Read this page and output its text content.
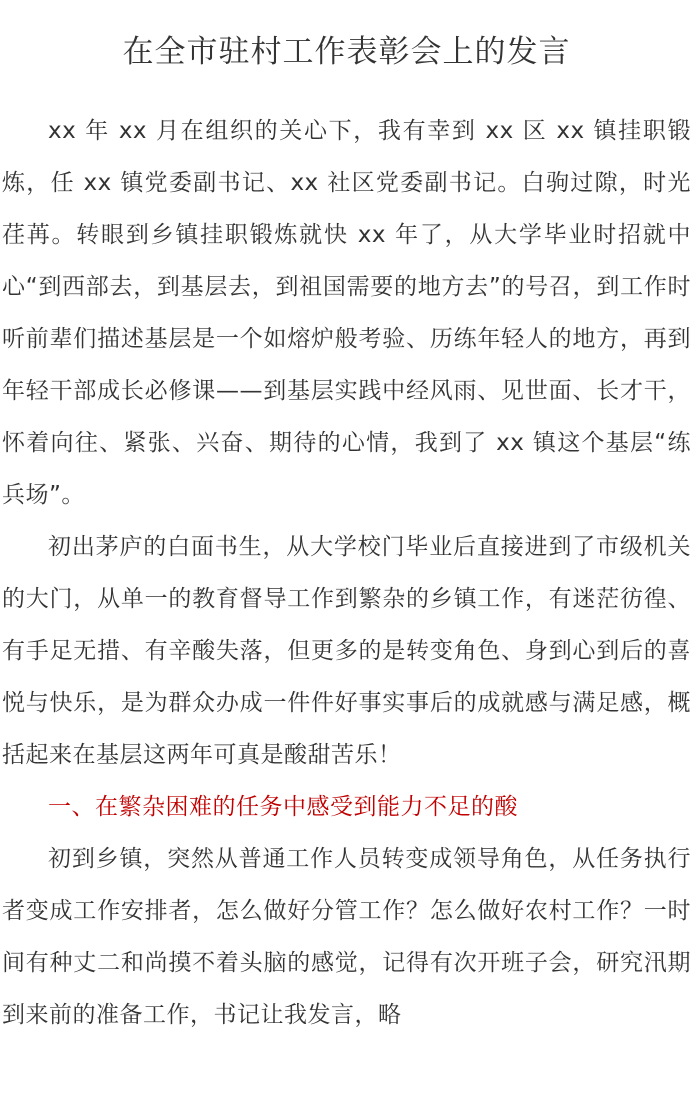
在全市驻村工作表彰会上的发言

xx 年 xx 月在组织的关心下，我有幸到 xx 区 xx 镇挂职锻炼，任 xx 镇党委副书记、xx 社区党委副书记。白驹过隙，时光荏苒。转眼到乡镇挂职锻炼就快 xx 年了，从大学毕业时招就中心“到西部去，到基层去，到祖国需要的地方去”的号召，到工作时听前辈们描述基层是一个如熔炉般考验、历练年轻人的地方，再到年轻干部成长必修课——到基层实践中经风雨、见世面、长才干，怀着向往、紧张、兴奋、期待的心情，我到了 xx 镇这个基层“练兵场”。

初出茅庐的白面书生，从大学校门毕业后直接进到了市级机关的大门，从单一的教育督导工作到繁杂的乡镇工作，有迷茫彷徨、有手足无措、有辛酸失落，但更多的是转变角色、身到心到后的喜悦与快乐，是为群众办成一件件好事实事后的成就感与满足感，概括起来在基层这两年可真是酸甜苦乐！

一、在繁杂困难的任务中感受到能力不足的酸

初到乡镇，突然从普通工作人员转变成领导角色，从任务执行者变成工作安排者，怎么做好分管工作？怎么做好农村工作？一时间有种丈二和尚摸不着头脑的感觉，记得有次开班子会，研究汛期到来前的准备工作，书记让我发言，略
